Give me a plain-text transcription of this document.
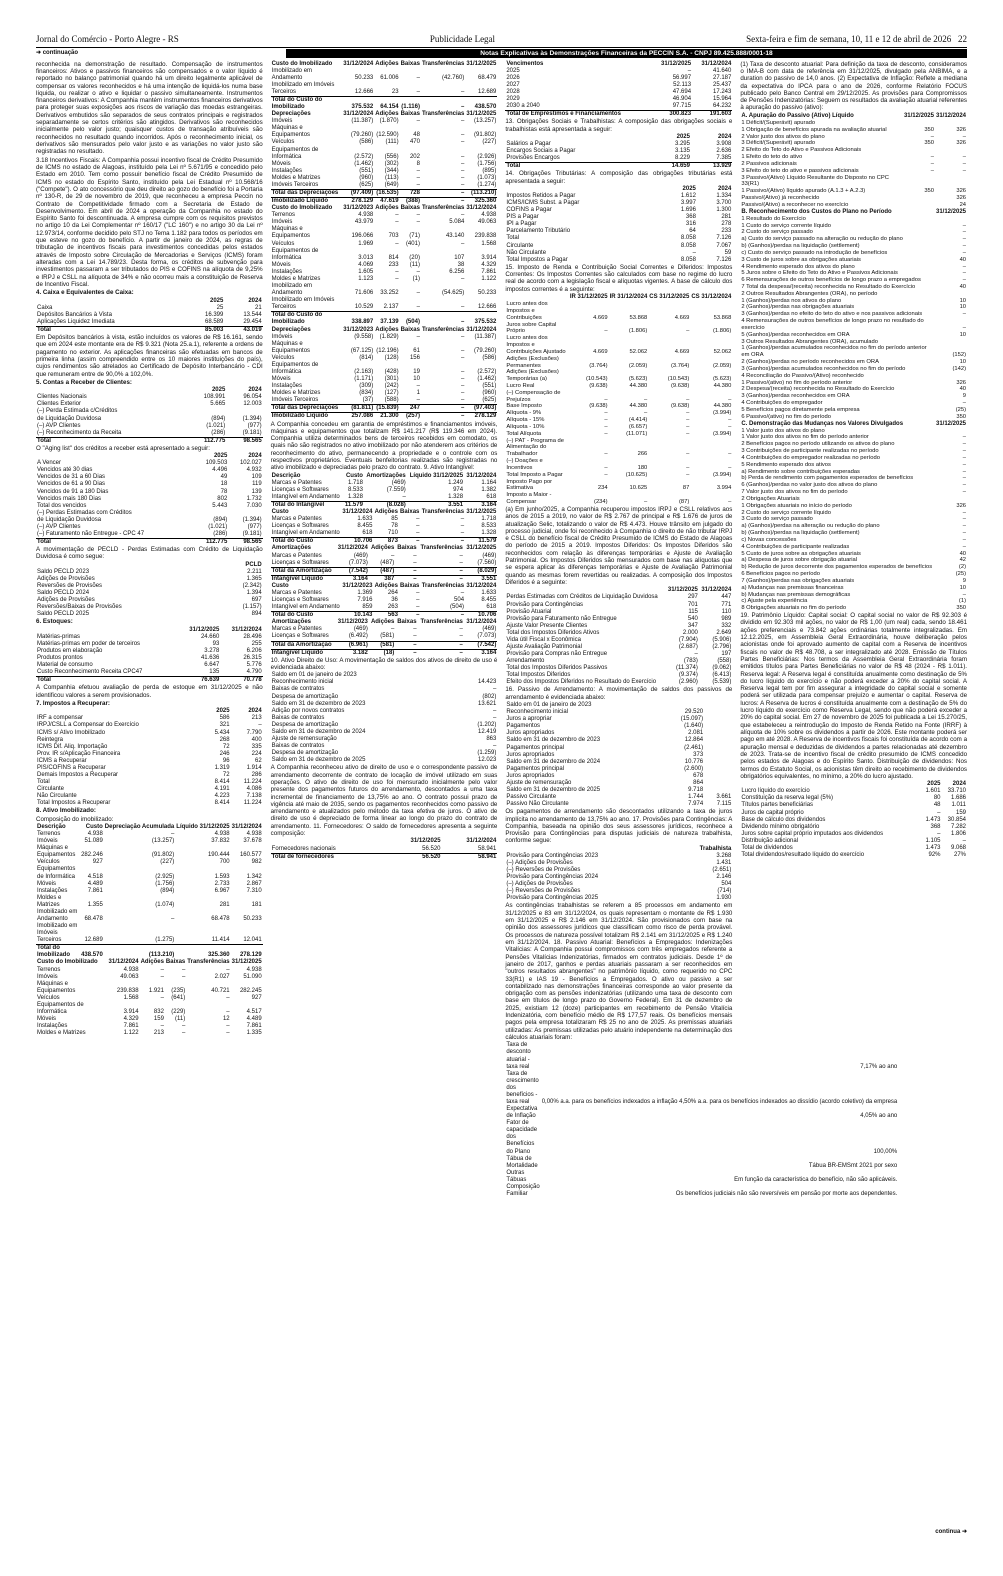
Jornal do Comércio - Porto Alegre - RS	Publicidade Legal	Sexta-feira e fim de semana, 10, 11 e 12 de abril de 2026 22
➜ continuação	Notas Explicativas às Demonstrações Financeiras da PECCIN S.A. - CNPJ 89.425.888/0001-18

reconhecida na demonstração de resultado. Compensação de instrumentos financeiros: Ativos e passivos financeiros são compensados e o valor líquido é reportado no balanço patrimonial quando há um direito legalmente aplicável de compensar os valores reconhecidos e há uma intenção de liquidá-los numa base líquida, ou realizar o ativo e liquidar o passivo simultaneamente. Instrumentos financeiros derivativos: A Companhia mantém instrumentos financeiros derivativos para proteger suas exposições aos riscos de variação das moedas estrangeiras. Derivativos embutidos são separados de seus contratos principais e registrados separadamente se certos critérios são atingidos. Derivativos são reconhecidos inicialmente pelo valor justo; quaisquer custos de transação atribuíveis são reconhecidos no resultado quando incorridos. Após o reconhecimento inicial, os derivativos são mensurados pelo valor justo e as variações no valor justo são registradas no resultado.

3.18 Incentivos Fiscais: A Companhia possui incentivo fiscal de Crédito Presumido de ICMS no estado de Alagoas, instituído pela Lei nº 5.671/95 e concedido pelo Estado em 2010. Tem como possuir benefício fiscal de Crédito Presumido de ICMS no estado do Espírito Santo, instituído pela Lei Estadual nº 10.568/16 ("Compete"). O ato concessório que deu direito ao gozo do benefício foi a Portaria nº 130-R, de 29 de novembro de 2019, que reconheceu a empresa Peccin no Contrato de Competitividade firmado com a Secretaria de Estado de Desenvolvimento. Em abril de 2024 a operação da Companhia no estado do Espírito Santo foi descontinuada. A empresa cumpre com os requisitos previstos no artigo 10 da Lei Complementar nº 160/17 ("LC 160") e no artigo 30 da Lei nº 12.973/14, conforme decidido pelo STJ no Tema 1.182 para todos os períodos em que esteve no gozo do benefício. A partir de janeiro de 2024, as regras de tributação de incentivos fiscais para investimentos concedidas pelos estados através de Imposto sobre Circulação de Mercadorias e Serviços (ICMS) foram alteradas com a Lei 14.789/23. Desta forma, os créditos de subvenção para investimentos passaram a ser tributados do PIS e COFINS na alíquota de 9,25% e IRPJ e CSLL na alíquota de 34% e não ocorreu mais a constituição de Reserva de Incentivo Fiscal.

4. Caixa e Equivalentes de Caixa:

	2025	2024
Caixa	25	21
Depósitos Bancários à Vista	16.399	13.544
Aplicações Liquidez Imediata	68.589	29.454
Total	85.003	43.019

Em Depósitos bancários à vista, estão incluídos os valores de R$ 16.161, sendo que em 2024 este montante era de R$ 9.321 (Nota 25.a.1), referente a ordens de pagamento no exterior. As aplicações financeiras são efetuadas em bancos de primeira linha (assim compreendido entre os 10 maiores instituições do país), cujos rendimentos são atrelados ao Certificado de Depósito Interbancário - CDI que remuneram entre de 90,0% a 102,0%.

5. Contas a Receber de Clientes:

	2025	2024
Clientes Nacionais	108.991	96.054
Clientes Exterior	5.665	12.003
(–) Perda Estimada c/Créditos		
de Liquidação Duvidosa	(894)	(1.394)
(–) AVP Clientes	(1.021)	(977)
(–) Reconhecimento da Receita	(286)	(9.181)
Total	112.775	98.565

O "Aging list" dos créditos a receber está apresentado a seguir:

	2025	2024
A Vencer	109.503	102.027
Vencidos até 30 dias	4.496	4.932
Vencidos de 31 a 60 Dias	49	109
Vencidos de 61 a 90 Dias	18	119
Vencidos de 91 a 180 Dias	78	139
Vencidos mais 180 Dias	802	1.732
Total dos vencidos	5.443	7.030
(–) Perdas Estimadas com Créditos		
de Liquidação Duvidosa	(894)	(1.394)
(–) AVP Clientes	(1.021)	(977)
(–) Faturamento não Entregue - CPC 47	(286)	(9.181)
Total	112.775	98.565

A movimentação de PECLD - Perdas Estimadas com Crédito de Liquidação Duvidosa é como segue:

	PCLD
Saldo PECLD 2023	2.211
Adições de Provisões	1.365
Reversões de Provisões	(2.342)
Saldo PECLD 2024	1.394
Adições de Provisões	697
Reversões/Baixas de Provisões	(1.157)
Saldo PECLD 2025	894

6. Estoques:

	31/12/2025	31/12/2024
Matérias-primas	24.660	28.496
Matérias-primas em poder de terceiros	93	255
Produtos em elaboração	3.278	6.206
Produtos prontos	41.636	26.315
Material de consumo	6.647	5.776
Custo Reconhecimento Receita CPC47	135	4.790
Total	76.639	70.778

A Companhia efetuou avaliação de perda de estoque em 31/12/2025 e não identificou valores a serem provisionados.

7. Impostos a Recuperar:

	2025	2024
IRF a compensar	586	213
IRPJ/CSLL a Compensar do Exercício	321	–
ICMS s/ Ativo Imobilizado	5.434	7.790
Reintegra	268	400
ICMS Dif. Aliq. Importação	72	335
Prov. IR s/Aplicação Financeira	246	224
ICMS a Recuperar	96	62
PIS/COFINS a Recuperar	1.319	1.914
Demais Impostos a Recuperar	72	286
Total	8.414	11.224
Circulante	4.191	4.086
Não Circulante	4.223	7.138
Total Impostos a Recuperar	8.414	11.224

8. Ativo Imobilizado:

Composição do imobilizado:

Descrição	Custo	Depreciação Acumulada	Líquido 31/12/2025	31/12/2024
Terrenos	4.938	–	4.938	4.938
Imóveis	51.089	(13.257)	37.832	37.678
Máquinas e Equipamentos	282.246	(91.802)	190.444	160.577
Veículos	927	(227)	700	982
Equipamentos de Informática	4.518	(2.925)	1.593	1.342
Móveis	4.489	(1.756)	2.733	2.867
Instalações	7.861	(894)	6.967	7.310
Moldes e Matrizes	1.355	(1.074)	281	181
Imobilizado em Andamento	68.478	–	68.478	50.233
Imobilizado em Imóveis Terceiros	12.689	(1.275)	11.414	12.041
Total do Imobilizado	438.570	(113.210)	325.360	278.129
Custo do Imobilizado	31/12/2024	Adições	Baixas	Transferências	31/12/2025
Terrenos	4.938	–	–	–	4.938
Imóveis	49.063	–	–	2.027	51.090
Máquinas e Equipamentos	239.838	1.921	(235)	40.721	282.245
Veículos	1.568	–	(641)	–	927
Equipamentos de Informática	3.914	832	(229)	–	4.517
Móveis	4.329	159	(11)	12	4.489
Instalações	7.861	–	–	–	7.861
Moldes e Matrizes	1.122	213	–	–	1.335
Custo do Imobilizado	31/12/2024	Adições	Baixas	Transferências	31/12/2025
Imobilizado em Andamento	50.233	61.006	–	(42.760)	68.479
Imobilizado em Imóveis Terceiros	12.666	23	–	–	12.689
Total do Custo do Imobilizado	375.532	64.154	(1.116)	–	438.570
Depreciações	31/12/2024	Adições	Baixas	Transferências	31/12/2025
Imóveis	(11.387)	(1.870)	–	–	(13.257)
Máquinas e Equipamentos	(79.260)	(12.590)	48	–	(91.802)
Veículos	(586)	(111)	470	–	(227)
Equipamentos de Informática	(2.572)	(556)	202	–	(2.926)
Móveis	(1.462)	(302)	8	–	(1.756)
Instalações	(551)	(344)	–	–	(895)
Moldes e Matrizes	(960)	(113)	–	–	(1.073)
Imóveis Terceiros	(625)	(649)	–	–	(1.274)
Total das Depreciações	(97.409)	(16.535)	728	–	(113.210)
Imobilizado Líquido	278.129	47.619	(388)	–	325.360
Custo do Imobilizado	31/12/2023	Adições	Baixas	Transferências	31/12/2024
Terrenos	4.938	–	–	–	4.938
Imóveis	43.979	–	–	5.084	49.063
Máquinas e Equipamentos	196.066	703	(71)	43.140	239.838
Veículos	1.969	–	(401)	–	1.568
Equipamentos de Informática	3.013	814	(20)	107	3.914
Móveis	4.069	233	(11)	38	4.329
Instalações	1.605	–	–	6.256	7.861
Moldes e Matrizes	1.123	–	(1)	–	1.122
Imobilizado em Andamento	71.606	33.252	–	(54.625)	50.233
Imobilizado em Imóveis Terceiros	10.529	2.137	–	–	12.666
Total do Custo do Imobilizado	338.897	37.139	(504)	–	375.532
Depreciações	31/12/2023	Adições	Baixas	Transferências	31/12/2024
Imóveis	(9.558)	(1.829)	–	–	(11.387)
Máquinas e Equipamentos	(67.125)	(12.196)	61	–	(79.260)
Veículos	(814)	(128)	156	–	(586)
Equipamentos de Informática	(2.163)	(428)	19	–	(2.572)
Móveis	(1.171)	(301)	10	–	(1.462)
Instalações	(309)	(242)	–	–	(551)
Moldes e Matrizes	(834)	(127)	1	–	(960)
Imóveis Terceiros	(37)	(588)	–	–	(625)
Total das Depreciações	(81.811)	(15.839)	247	–	(97.403)
Imobilizado Líquido	257.086	21.300	(257)	–	278.129

A Companhia concedeu em garantia de empréstimos e financiamentos imóveis, máquinas e equipamentos que totalizam R$ 141.217 (R$ 119.346 em 2024). Companhia utiliza determinados bens de terceiros recebidos em comodato, os quais não são registrados no ativo imobilizado por não atenderem aos critérios de reconhecimento do ativo, permanecendo a propriedade e o controle com os respectivos proprietários. Eventuais benfeitorias realizadas são registradas no ativo imobilizado e depreciadas pelo prazo do contrato. 9. Ativo Intangível:

Descrição	Custo	Amortizações	Líquido 31/12/2025	31/12/2024
Marcas e Patentes	1.718	(469)	1.249	1.164
Licenças e Softwares	8.533	(7.559)	974	1.382
Intangível em Andamento	1.328	–	1.328	618
Total do Intangível	11.579	(8.028)	3.551	3.164
Custo	31/12/2024	Adições	Baixas	Transferências	31/12/2025
Marcas e Patentes	1.633	85	–	–	1.718
Licenças e Softwares	8.455	78	–	–	8.533
Intangível em Andamento	618	710	–	–	1.328
Total do Custo	10.706	873	–	–	11.579
Amortizações	31/12/2024	Adições	Baixas	Transferências	31/12/2025
Marcas e Patentes	(469)	–	–	–	(469)
Licenças e Softwares	(7.073)	(487)	–	–	(7.560)
Total da Amortização	(7.542)	(487)	–	–	(8.029)
Intangível Líquido	3.164	387	–	–	3.551
Custo	31/12/2023	Adições	Baixas	Transferências	31/12/2024
Marcas e Patentes	1.369	264	–	–	1.633
Licenças e Softwares	7.916	36	–	504	8.455
Intangível em Andamento	859	263	–	(504)	618
Total do Custo	10.143	563	–	–	10.706
Amortizações	31/12/2023	Adições	Baixas	Transferências	31/12/2024
Marcas e Patentes	(469)	–	–	–	(469)
Licenças e Softwares	(6.492)	(581)	–	–	(7.073)
Total da Amortização	(6.961)	(581)	–	–	(7.542)
Intangível Líquido	3.182	(18)	–	–	3.164

10. Ativo Direito de Uso: A movimentação de saldos dos ativos de direito de uso é evidenciada abaixo:

Saldo em 01 de janeiro de 2023	
Reconhecimento inicial	14.423
Baixas de contratos	–
Despesa de amortização	(802)
Saldo em 31 de dezembro de 2023	13.621
Adição por novos contratos	–
Baixas de contratos	–
Despesa de amortização	(1.202)
Saldo em 31 de dezembro de 2024	12.419
Ajuste de remensuração	863
Baixas de contratos	–
Despesa de amortização	(1.259)
Saldo em 31 de dezembro de 2025	12.023

A Companhia reconheceu ativo de direito de uso e o correspondente passivo de arrendamento decorrente de contrato de locação de imóvel utilizado em suas operações. O ativo de direito de uso foi mensurado inicialmente pelo valor presente dos pagamentos futuros do arrendamento, descontados a uma taxa incremental de financiamento de 13,75% ao ano. O contrato possui prazo de vigência até maio de 2035, sendo os pagamentos reconhecidos como passivo de arrendamento e atualizados pelo método da taxa efetiva de juros. O ativo de direito de uso é depreciado de forma linear ao longo do prazo do contrato de arrendamento. 11. Fornecedores: O saldo de fornecedores apresenta a seguinte composição:

	31/12/2025	31/12/2024
Fornecedores nacionais	56.520	58.941
Total de fornecedores	56.520	58.941
Vencimentos	31/12/2025	31/12/2024
2025	–	41.640
2026	56.997	27.187
2027	52.113	25.437
2028	47.694	17.243
2029	46.904	15.964
2030 a 2040	97.715	64.232
Total de Empréstimos e Financiamentos	300.823	191.603

13. Obrigações Sociais e Trabalhistas: A composição das obrigações sociais e trabalhistas está apresentada a seguir:

	2025	2024
Salários a Pagar	3.295	3.908
Encargos Sociais a Pagar	3.135	2.636
Provisões Encargos	8.229	7.385
Total	14.659	13.929

14. Obrigações Tributárias: A composição das obrigações tributárias está apresentada a seguir:

	2025	2024
Impostos Retidos a Pagar	1.612	1.334
ICMS/ICMS Subst. a Pagar	3.997	3.700
COFINS a Pagar	1.696	1.300
PIS a Pagar	368	281
IPI a Pagar	316	278
Parcelamento Tributário	64	233
Total	8.058	7.126
Circulante	8.058	7.067
Não Circulante	–	59
Total Impostos a Pagar	8.058	7.126

15. Imposto de Renda e Contribuição Social Correntes e Diferidos: Impostos Correntes: Os Impostos Correntes são calculados com base no regime do lucro real de acordo com a legislação fiscal e alíquotas vigentes. A base de cálculo dos impostos correntes é a seguinte:

	IR 31/12/2025	IR 31/12/2024	CS 31/12/2025	CS 31/12/2024
Lucro antes dos Impostos e Contribuições	4.669	53.868	4.669	53.868
Juros sobre Capital Próprio	–	(1.806)	–	(1.806)
Lucro antes dos Impostos e Contribuições Ajustado	4.669	52.062	4.669	52.062
Adições (Exclusões) Permanentes	(3.764)	(2.059)	(3.764)	(2.059)
Adições (Exclusões) Temporárias (a)	(10.543)	(5.623)	(10.543)	(5.623)
Lucro Real	(9.638)	44.380	(9.638)	44.380
(–) Compensação de Prejuízos	–	–	–	–
Base Imposto	(9.638)	44.380	(9.638)	44.380
Alíquota - 9%	–	–	–	(3.994)
Alíquota - 15%	–	(4.414)	–	–
Alíquota - 10%	–	(6.657)	–	–
Total Alíquota	–	(11.071)	–	(3.994)
(–) PAT - Programa de Alimentação do Trabalhador	–	266	–	–
(–) Doações e Incentivos	–	180	–	–
Total Imposto a Pagar	–	(10.625)	–	(3.994)
Imposto Pago por Estimativa	234	10.625	87	3.994
Imposto a Maior - Compensar	(234)	–	(87)	–

(a) Em junho/2025, a Companhia recuperou impostos IRPJ e CSLL relativos aos anos de 2015 a 2019, no valor de R$ 2.767 de principal e R$ 1.676 de juros de atualização Selic, totalizando o valor de R$ 4.473. Houve trânsito em julgado do processo judicial, onde foi reconhecido à Companhia o direito de não tributar IRPJ e CSLL do benefício fiscal de Crédito Presumido de ICMS do Estado de Alagoas do período de 2015 a 2019. Impostos Diferidos: Os Impostos Diferidos são reconhecidos com relação às diferenças temporárias e Ajuste de Avaliação Patrimonial. Os Impostos Diferidos são mensurados com base nas alíquotas que se espera aplicar às diferenças temporárias e Ajuste de Avaliação Patrimonial quando as mesmas forem revertidas ou realizadas. A composição dos Impostos Diferidos é a seguinte:

	31/12/2025	31/12/2024
Perdas Estimadas com Créditos de Liquidação Duvidosa	297	447
Provisão para Contingências	701	771
Provisão Atuarial	115	110
Provisão para Faturamento não Entregue	540	989
Ajuste Valor Presente Clientes	347	332
Total dos Impostos Diferidos Ativos	2.000	2.649
Vida útil Fiscal x Econômica	(7.904)	(5.906)
Ajuste Avaliação Patrimonial	(2.687)	(2.796)
Provisão para Compras não Entregue	–	197
Arrendamento	(783)	(558)
Total dos Impostos Diferidos Passivos	(11.374)	(9.062)
Total Impostos Diferidos	(9.374)	(6.413)
Efeito dos Impostos Diferidos no Resultado do Exercício	(2.960)	(5.539)

16. Passivo de Arrendamento: A movimentação de saldos dos passivos de arrendamento é evidenciada abaixo:

Saldo em 01 de janeiro de 2023		
Reconhecimento inicial	29.520	
Juros a apropriar	(15.097)	
Pagamentos	(1.640)	
Juros apropriados	2.081	
Saldo em 31 de dezembro de 2023	12.864	
Pagamentos principal	(2.461)	
Juros apropriados	373	
Saldo em 31 de dezembro de 2024	10.776	
Pagamentos principal	(2.600)	
Juros apropriados	678	
Ajuste de remensuração	864	
Saldo em 31 de dezembro de 2025	9.718	
Passivo Circulante	1.744	3.661
Passivo Não Circulante	7.974	7.115

Os pagamentos de arrendamento são descontados utilizando a taxa de juros implícita no arrendamento de 13,75% ao ano. 17. Provisões para Contingências: A Companhia, baseada na opinião dos seus assessores jurídicos, reconhece a Provisão para Contingências para disputas judiciais de natureza trabalhista, conforme segue:

	Trabalhista
Provisão para Contingências 2023	3.268
(–) Adições de Provisões	1.431
(–) Reversões de Provisões	(2.651)
Provisão para Contingências 2024	2.146
(–) Adições de Provisões	504
(–) Reversões de Provisões	(714)
Provisão para Contingências 2025	1.930

As contingências trabalhistas se referem a 85 processos em andamento em 31/12/2025 e 83 em 31/12/2024, os quais representam o montante de R$ 1.930 em 31/12/2025 e R$ 2.146 em 31/12/2024. São provisionados com base na opinião dos assessores jurídicos que classificam como risco de perda provável. Os processos de natureza possível totalizam R$ 2.141 em 31/12/2025 e R$ 1.240 em 31/12/2024. 18. Passivo Atuarial: Benefícios a Empregados: Indenizações Vitalícias: A Companhia possui compromissos com três empregados referente a Pensões Vitalícias Indenizatórias, firmados em contratos judiciais. Desde 1º de janeiro de 2017, ganhos e perdas atuariais passaram a ser reconhecidos em "outros resultados abrangentes" no patrimônio líquido, como requerido no CPC 33(R1) e IAS 19 - Benefícios a Empregados. O ativo ou passivo a ser contabilizado nas demonstrações financeiras corresponde ao valor presente da obrigação com as pensões indenizatórias (utilizando uma taxa de desconto com base em títulos de longo prazo do Governo Federal). Em 31 de dezembro de 2025, existiam 12 (doze) participantes em recebimento de Pensão Vitalícia Indenizatória, com benefício médio de R$ 177,57 reais. Os benefícios mensais pagos pela empresa totalizaram R$ 25 no ano de 2025. As premissas atuariais utilizadas: As premissas utilizadas pelo atuário independente na determinação dos cálculos atuariais foram:

Taxa de desconto atuarial - taxa real	7,17% ao ano
Taxa de crescimento dos benefícios - taxa real	0,00% a.a. para os benefícios indexados a inflação 4,50% a.a. para os benefícios indexados ao dissídio (acordo coletivo) da empresa
Expectativa de Inflação	4,05% ao ano
Fator de capacidade dos Benefícios do Plano	100,00%
Tábua de Mortalidade	Tábua BR-EMSmt 2021 por sexo
Outras Tábuas	Em função da característica do benefício, não são aplicáveis.
Composição Familiar	Os benefícios judiciais não são reversíveis em pensão por morte aos dependentes.

(1) Taxa de desconto atuarial: Para definição da taxa de desconto, consideramos o IMA-B com data de referência em 31/12/2025, divulgado pela ANBIMA, e a duration do passivo de 14,0 anos. (2) Expectativa de Inflação: Reflete a mediana da expectativa do IPCA para o ano de 2026, conforme Relatório FOCUS publicado pelo Banco Central em 29/12/2025. As provisões para Compromissos de Pensões Indenizatórias: Seguem os resultados da avaliação atuarial referentes à apuração do passivo (ativo):

A. Apuração do Passivo (Ativo) Líquido	31/12/2025	31/12/2024
1 Déficit/(Superávit) apurado		
1 Obrigação de benefícios apurada na avaliação atuarial	350	326
2 Valor justo dos ativos do plano	–	–
3 Déficit/(Superávit) apurado	350	326
2 Efeito do Teto do Ativo e Passivos Adicionais		
1 Efeito do teto do ativo	–	–
2 Passivos adicionais	–	–
3 Efeito do teto do ativo e passivos adicionais	–	–
3 Passivo/(Ativo) Líquido Resultante do Disposto no CPC 33(R1)		
1 Passivo/(Ativo) líquido apurado (A.1.3 + A.2.3)	350	326
Passivo/(Ativo) já reconhecido		326
Passivo/(Ativo) a reconhecer no exercício		24
B. Reconhecimento dos Custos do Plano no Período	31/12/2025
1 Resultado do Exercício	
1 Custo do serviço corrente líquido	–
2 Custo do serviço passado	–
a) Custo do serviço passado na alteração ou redução do plano	–
b) (Ganhos)/perdas na liquidação (settlement)	–
c) Custo do serviço passado na introdução de benefícios	–
3 Custo de juros sobre as obrigações atuariais	40
4 Rendimento esperado dos ativos do plano	–
5 Juros sobre o Efeito do Teto do Ativo e Passivos Adicionais	–
6 Remensurações de outros benefícios de longo prazo a empregados	–
7 Total da despesa/(receita) reconhecida no Resultado do Exercício	40
2 Outros Resultados Abrangentes (ORA), no período	
1 (Ganhos)/perdas nos ativos do plano	10
2 (Ganhos)/perdas nas obrigações atuariais	10
3 (Ganhos)/perdas no efeito do teto do ativo e nos passivos adicionais	–
4 Remensurações de outros benefícios de longo prazo no resultado do exercício	–
5 (Ganhos)/perdas reconhecidos em ORA	10
3 Outros Resultados Abrangentes (ORA), acumulado	
1 (Ganhos)/perdas acumulados reconhecidos no fim do período anterior em ORA	(152)
2 (Ganhos)/perdas no período reconhecidos em ORA	10
3 (Ganhos)/perdas acumulados reconhecidos no fim do período	(142)
4 Reconciliação do Passivo/(Ativo) reconhecido	
1 Passivo/(ativo) no fim do período anterior	326
2 Despesa/(receita) reconhecida no Resultado do Exercício	40
3 (Ganhos)/perdas reconhecidos em ORA	9
4 Contribuições do empregador	–
5 Benefícios pagos diretamente pela empresa	(25)
6 Passivo/(ativo) no fim do período	350
C. Demonstração das Mudanças nos Valores Divulgados	31/12/2025
1 Valor justo dos ativos do plano	
1 Valor justo dos ativos no fim do período anterior	–
2 Benefícios pagos no período utilizando os ativos do plano	–
3 Contribuições de participante realizadas no período	–
4 Contribuições do empregador realizadas no período	–
5 Rendimento esperado dos ativos	–
a) Rendimento sobre contribuições esperadas	–
b) Perda de rendimento com pagamentos esperados de benefícios	–
6 (Ganhos)/perdas no valor justo dos ativos do plano	–
7 Valor justo dos ativos no fim do período	–
2 Obrigações Atuariais	
1 Obrigações atuariais no início do período	326
2 Custo do serviço corrente líquido	–
3 Custo do serviço passado	–
a) (Ganhos)/perdas na alteração ou redução do plano	–
b) (Ganhos)/perdas na liquidação (settlement)	–
c) Novas concessões	–
4 Contribuições de participante realizadas	–
5 Custo de juros sobre as obrigações atuariais	40
a) Despesa de juros sobre obrigação atuarial	42
b) Redução de juros decorrente dos pagamentos esperados de benefícios	(2)
6 Benefícios pagos no período	(25)
7 (Ganhos)/perdas nas obrigações atuariais	9
a) Mudanças nas premissas financeiras	10
b) Mudanças nas premissas demográficas	–
c) Ajuste pela experiência	(1)
8 Obrigações atuariais no fim do período	350

19. Patrimônio Líquido: Capital social: O capital social no valor de R$ 92.303 é dividido em 92.303 mil ações, no valor de R$ 1,00 (um real) cada, sendo 18.461 ações preferenciais e 73.842 ações ordinárias totalmente integralizadas. Em 12.12.2025, em Assembleia Geral Extraordinária, houve deliberação pelos acionistas onde foi aprovado aumento de capital com a Reserva de incentivos fiscais no valor de R$ 48.708, a ser integralizado até 2028. Emissão de Títulos Partes Beneficiárias: Nos termos da Assembleia Geral Extraordinária foram emitidos títulos para Partes Beneficiárias no valor de R$ 48 (2024 - R$ 1.011). Reserva legal: A Reserva legal é constituída anualmente como destinação de 5% do lucro líquido do exercício e não poderá exceder a 20% do capital social. A Reserva legal tem por fim assegurar a integridade do capital social e somente poderá ser utilizada para compensar prejuízo e aumentar o capital. Reserva de lucros: A Reserva de lucros é constituída anualmente com a destinação de 5% do lucro líquido do exercício como Reserva Legal, sendo que não poderá exceder a 20% do capital social. Em 27 de novembro de 2025 foi publicada a Lei 15.270/25, que estabeleceu a reintrodução do Imposto de Renda Retido na Fonte (IRRF) à alíquota de 10% sobre os dividendos a partir de 2026. Este montante poderá ser pago em até 2028. A Reserva de incentivos fiscais foi constituída de acordo com a apuração mensal e deduzidas de dividendos a partes relacionadas até dezembro de 2023. Trata-se de incentivo fiscal de crédito presumido de ICMS concedido pelos estados de Alagoas e do Espírito Santo. Distribuição de dividendos: Nos termos do Estatuto Social, os acionistas têm direito ao recebimento de dividendos obrigatórios equivalentes, no mínimo, a 20% do lucro ajustado.

	2025	2024
Lucro líquido do exercício	1.601	33.710
Constituição da reserva legal (5%)	80	1.686
Títulos partes beneficiárias	48	1.011
Juros de capital próprio	–	159
Base de cálculo dos dividendos	1.473	30.854
Dividendo mínimo obrigatório	368	7.282
Juros sobre capital próprio imputados aos dividendos	–	1.806
Distribuição adicional	1.105	–
Total de dividendos	1.473	9.068
Total dividendos/resultado líquido do exercício	92%	27%
continua ➜
